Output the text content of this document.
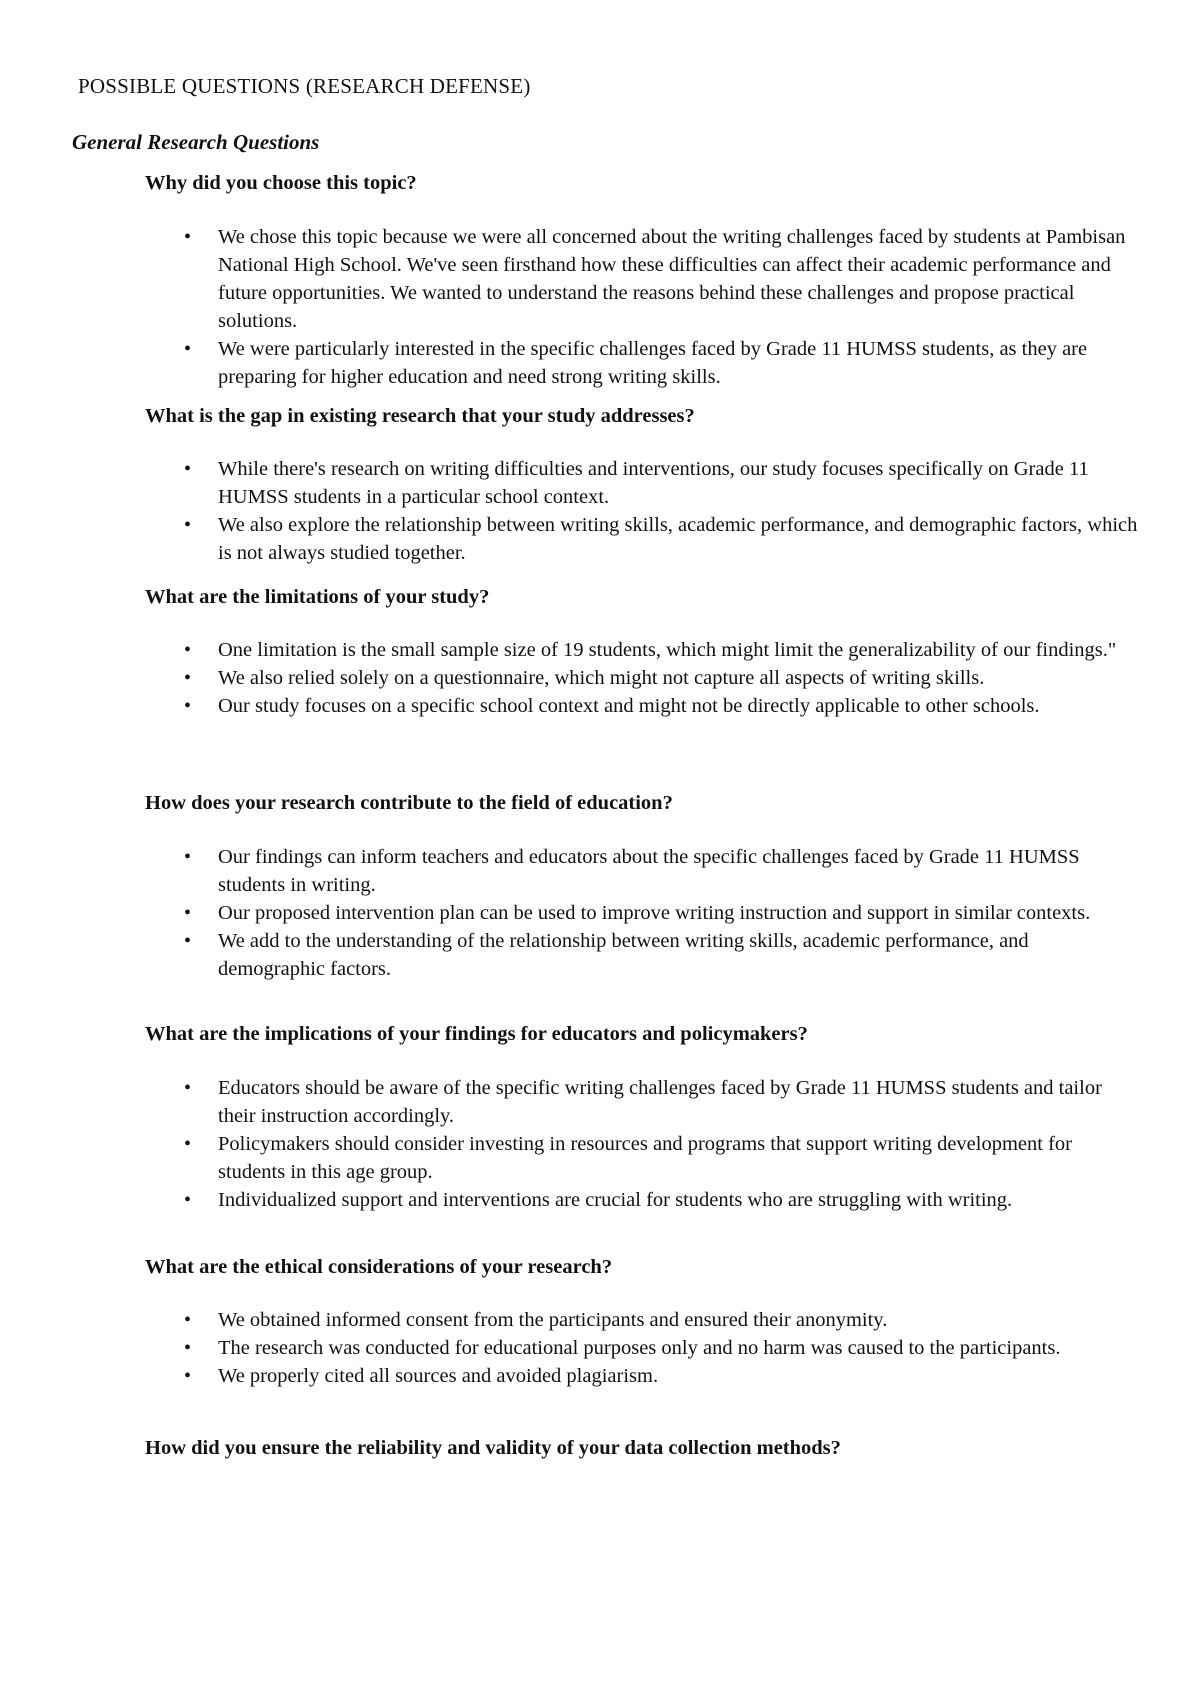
POSSIBLE QUESTIONS (RESEARCH DEFENSE)
General Research Questions
Why did you choose this topic?
• We chose this topic because we were all concerned about the writing challenges faced by students at Pambisan National High School. We've seen firsthand how these difficulties can affect their academic performance and future opportunities. We wanted to understand the reasons behind these challenges and propose practical solutions.
• We were particularly interested in the specific challenges faced by Grade 11 HUMSS students, as they are preparing for higher education and need strong writing skills.
What is the gap in existing research that your study addresses?
• While there's research on writing difficulties and interventions, our study focuses specifically on Grade 11 HUMSS students in a particular school context.
• We also explore the relationship between writing skills, academic performance, and demographic factors, which is not always studied together.
What are the limitations of your study?
• One limitation is the small sample size of 19 students, which might limit the generalizability of our findings."
• We also relied solely on a questionnaire, which might not capture all aspects of writing skills.
• Our study focuses on a specific school context and might not be directly applicable to other schools.
How does your research contribute to the field of education?
• Our findings can inform teachers and educators about the specific challenges faced by Grade 11 HUMSS students in writing.
• Our proposed intervention plan can be used to improve writing instruction and support in similar contexts.
• We add to the understanding of the relationship between writing skills, academic performance, and demographic factors.
What are the implications of your findings for educators and policymakers?
• Educators should be aware of the specific writing challenges faced by Grade 11 HUMSS students and tailor their instruction accordingly.
• Policymakers should consider investing in resources and programs that support writing development for students in this age group.
• Individualized support and interventions are crucial for students who are struggling with writing.
What are the ethical considerations of your research?
• We obtained informed consent from the participants and ensured their anonymity.
• The research was conducted for educational purposes only and no harm was caused to the participants.
• We properly cited all sources and avoided plagiarism.
How did you ensure the reliability and validity of your data collection methods?
